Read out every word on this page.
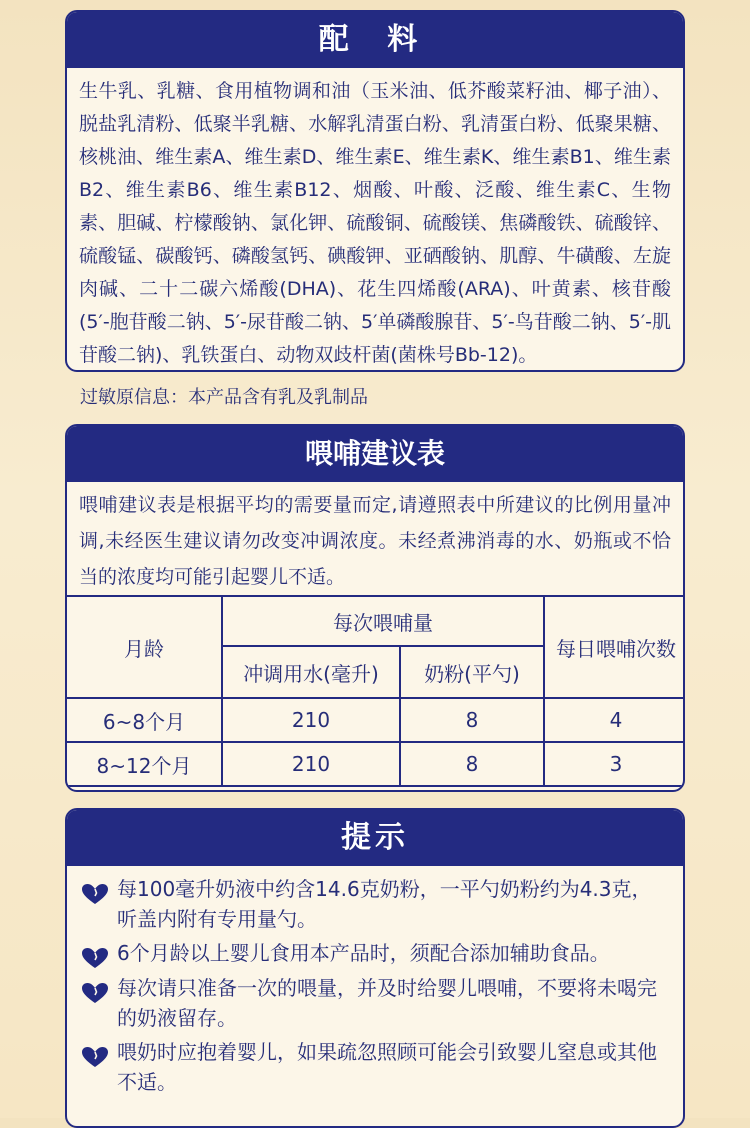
配 料
生牛乳、乳糖、食用植物调和油（玉米油、低芥酸菜籽油、椰子油）、脱盐乳清粉、低聚半乳糖、水解乳清蛋白粉、乳清蛋白粉、低聚果糖、核桃油、维生素A、维生素D、维生素E、维生素K、维生素B1、维生素B2、维生素B6、维生素B12、烟酸、叶酸、泛酸、维生素C、生物素、胆碱、柠檬酸钠、氯化钾、硫酸铜、硫酸镁、焦磷酸铁、硫酸锌、硫酸锰、碳酸钙、磷酸氢钙、碘酸钾、亚硒酸钠、肌醇、牛磺酸、左旋肉碱、二十二碳六烯酸(DHA)、花生四烯酸(ARA)、叶黄素、核苷酸(5′-胞苷酸二钠、5′-尿苷酸二钠、5′单磷酸腺苷、5′-鸟苷酸二钠、5′-肌苷酸二钠)、乳铁蛋白、动物双歧杆菌(菌株号Bb-12)。
过敏原信息：本产品含有乳及乳制品
喂哺建议表
喂哺建议表是根据平均的需要量而定,请遵照表中所建议的比例用量冲调,未经医生建议请勿改变冲调浓度。未经煮沸消毒的水、奶瓶或不恰当的浓度均可能引起婴儿不适。
月龄	每次喂哺量		每日喂哺次数
	冲调用水(毫升)	奶粉(平勺)	
6~8个月	210	8	4
8~12个月	210	8	3
提示
每100毫升奶液中约含14.6克奶粉，一平勺奶粉约为4.3克，听盖内附有专用量勺。
6个月龄以上婴儿食用本产品时，须配合添加辅助食品。
每次请只准备一次的喂量，并及时给婴儿喂哺，不要将未喝完的奶液留存。
喂奶时应抱着婴儿，如果疏忽照顾可能会引致婴儿窒息或其他不适。
